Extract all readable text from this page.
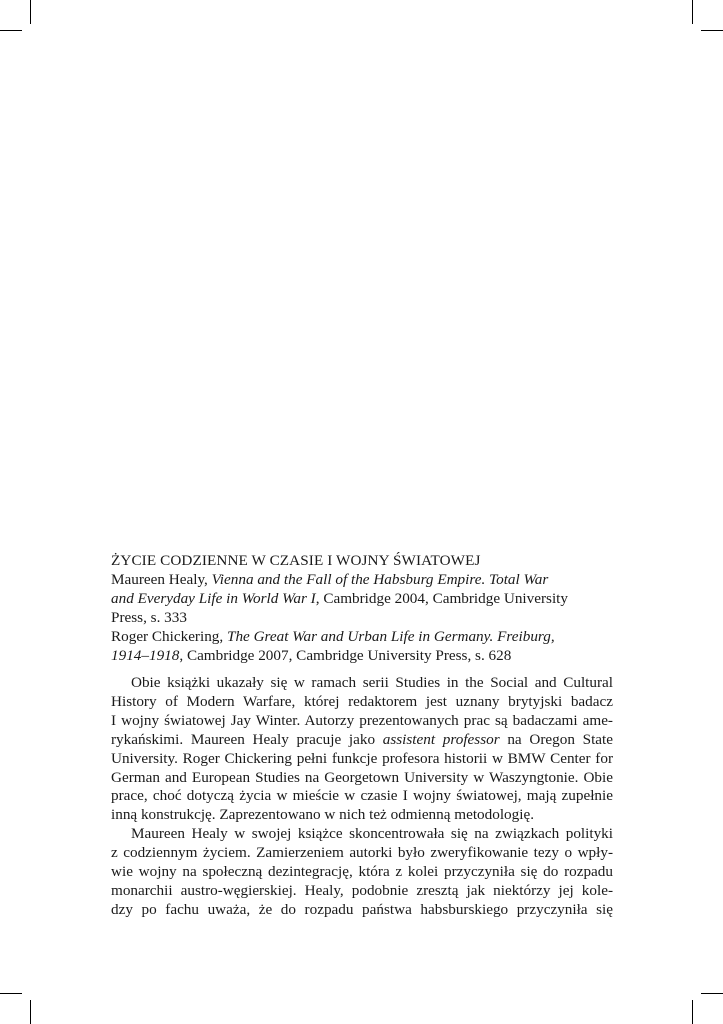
ŻYCIE CODZIENNE W CZASIE I WOJNY ŚWIATOWEJ
Maureen Healy, Vienna and the Fall of the Habsburg Empire. Total War
and Everyday Life in World War I, Cambridge 2004, Cambridge University
Press, s. 333
Roger Chickering, The Great War and Urban Life in Germany. Freiburg,
1914–1918, Cambridge 2007, Cambridge University Press, s. 628
Obie książki ukazały się w ramach serii Studies in the Social and Cultural
History of Modern Warfare, której redaktorem jest uznany brytyjski badacz
I wojny światowej Jay Winter. Autorzy prezentowanych prac są badaczami ame-
rykańskimi. Maureen Healy pracuje jako assistent professor na Oregon State
University. Roger Chickering pełni funkcje profesora historii w BMW Center for
German and European Studies na Georgetown University w Waszyngtonie. Obie
prace, choć dotyczą życia w mieście w czasie I wojny światowej, mają zupełnie
inną konstrukcję. Zaprezentowano w nich też odmienną metodologię.
Maureen Healy w swojej książce skoncentrowała się na związkach polityki
z codziennym życiem. Zamierzeniem autorki było zweryfikowanie tezy o wpły-
wie wojny na społeczną dezintegrację, która z kolei przyczyniła się do rozpadu
monarchii austro-węgierskiej. Healy, podobnie zresztą jak niektórzy jej kole-
dzy po fachu uważa, że do rozpadu państwa habsburskiego przyczyniła się
